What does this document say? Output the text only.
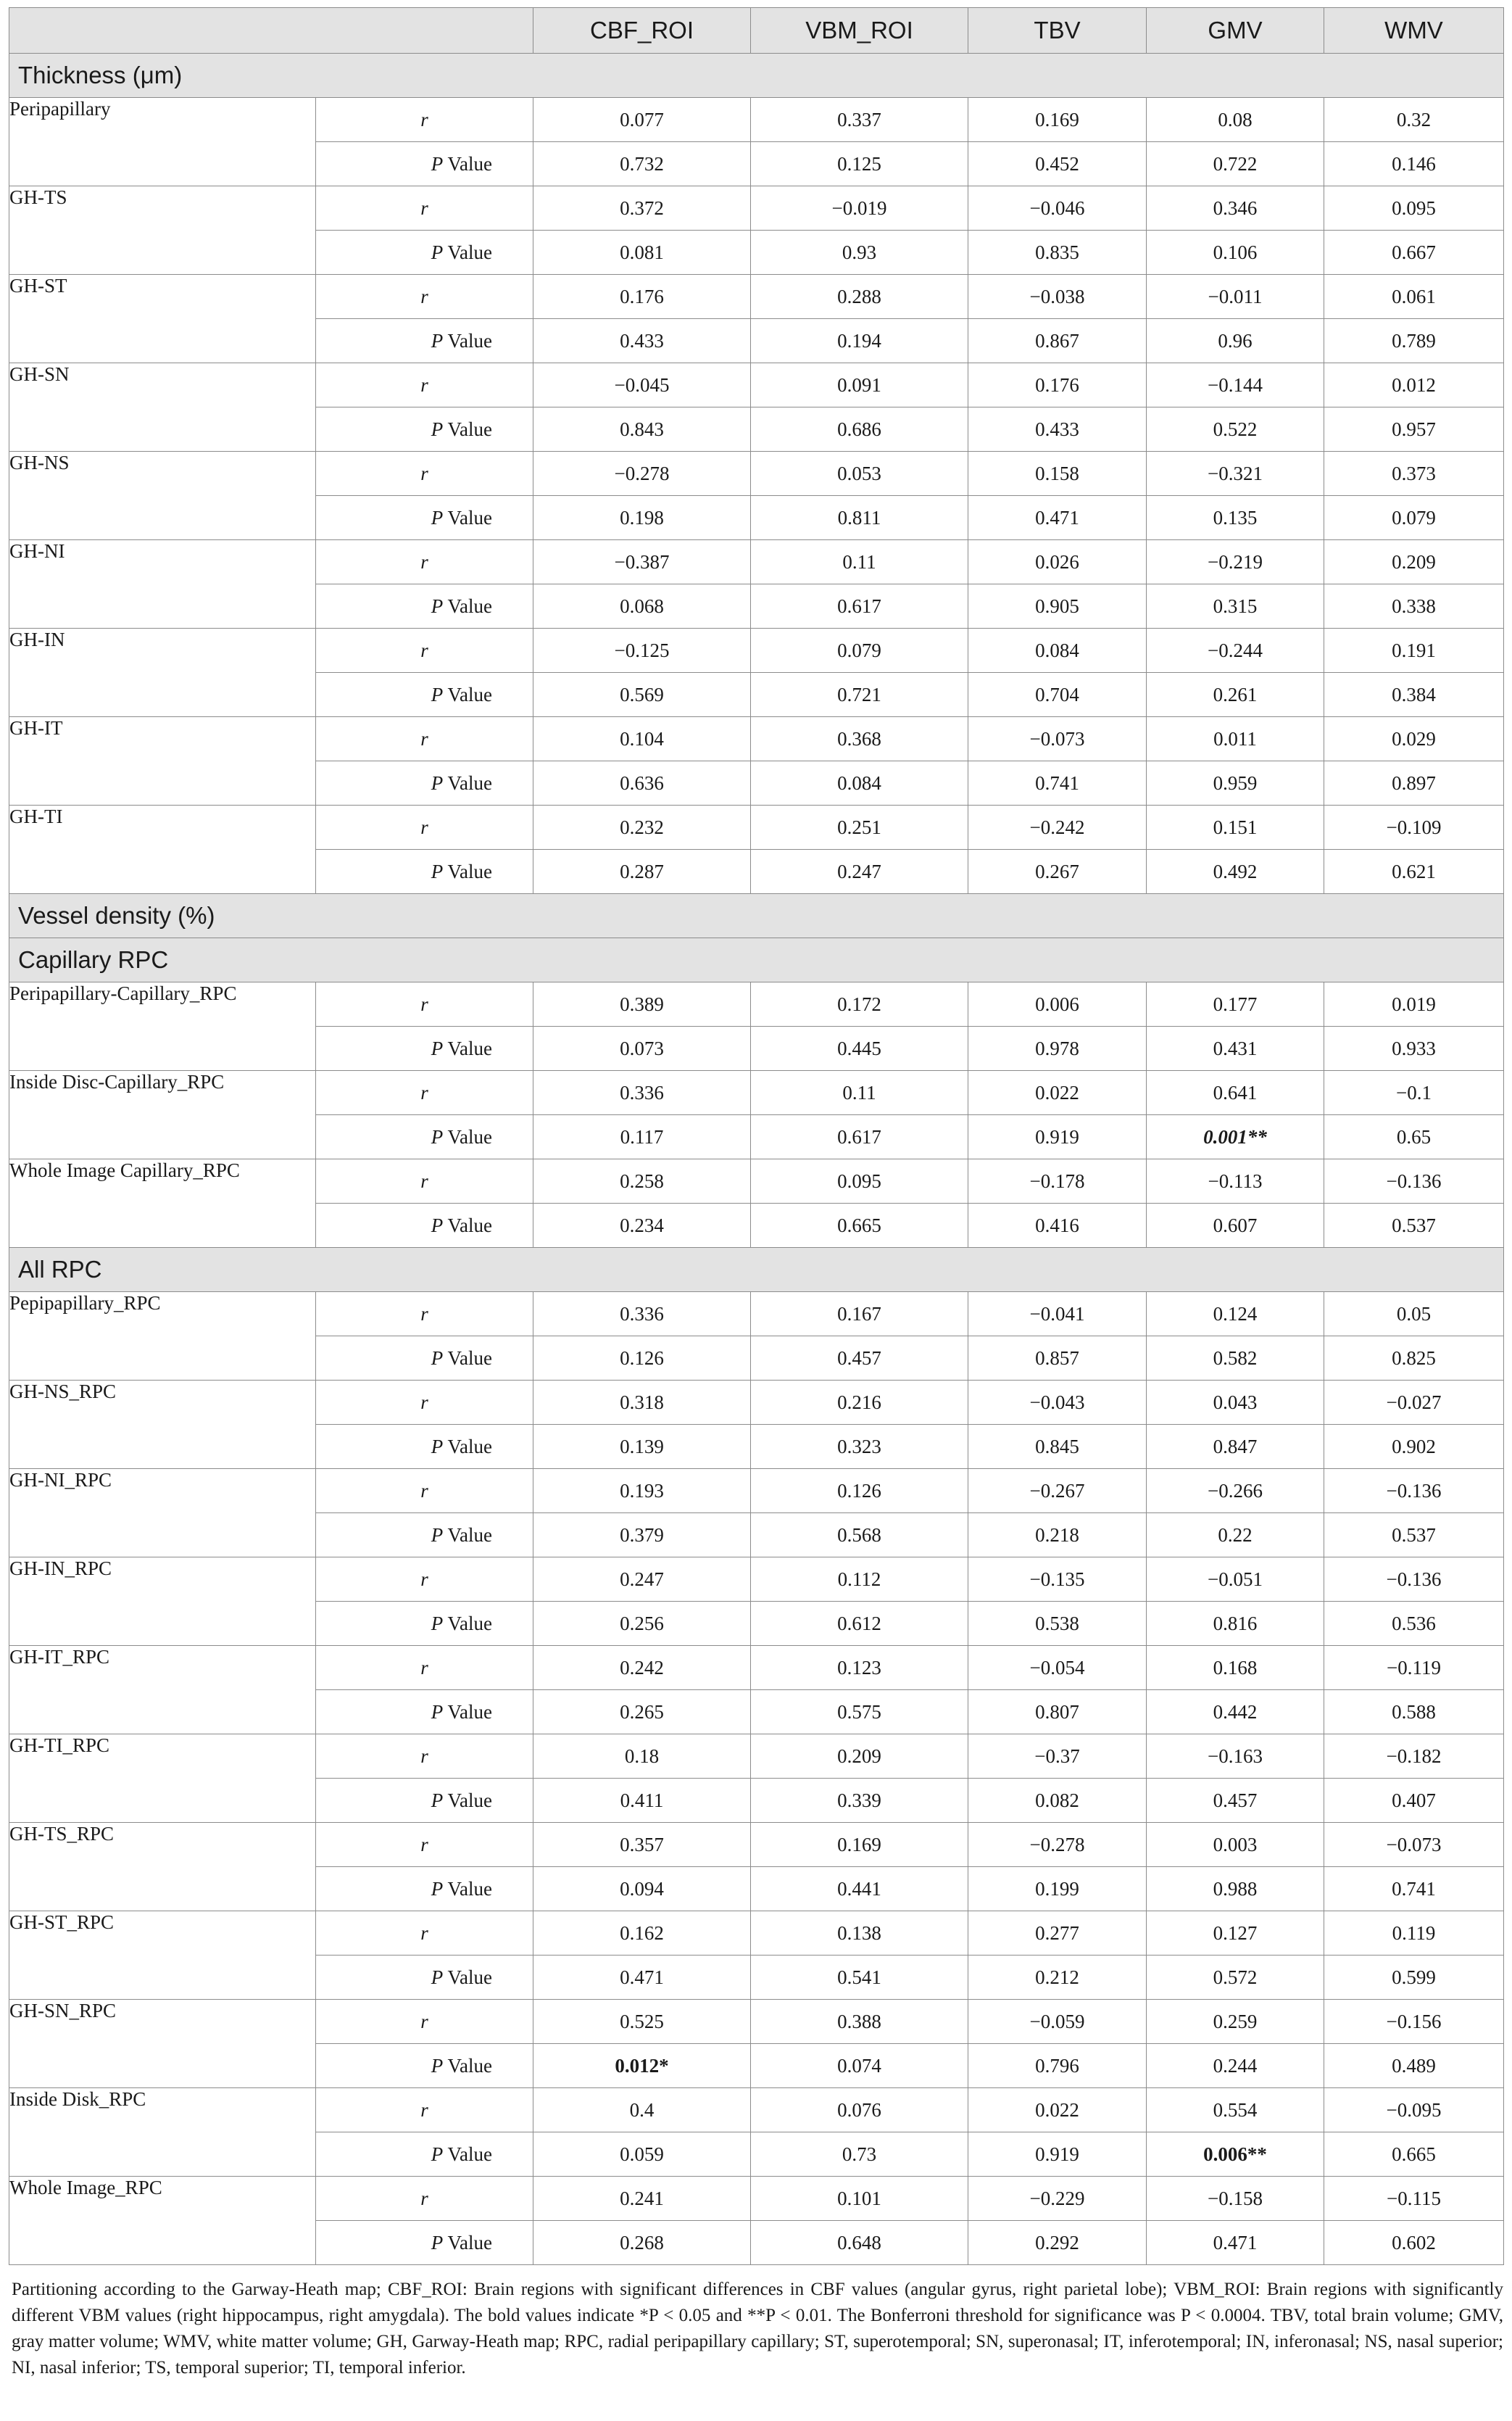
		CBF_ROI	VBM_ROI	TBV	GMV	WMV
Thickness (μm)						
Peripapillary	r	0.077	0.337	0.169	0.08	0.32
	P Value	0.732	0.125	0.452	0.722	0.146
GH-TS	r	0.372	−0.019	−0.046	0.346	0.095
	P Value	0.081	0.93	0.835	0.106	0.667
GH-ST	r	0.176	0.288	−0.038	−0.011	0.061
	P Value	0.433	0.194	0.867	0.96	0.789
GH-SN	r	−0.045	0.091	0.176	−0.144	0.012
	P Value	0.843	0.686	0.433	0.522	0.957
GH-NS	r	−0.278	0.053	0.158	−0.321	0.373
	P Value	0.198	0.811	0.471	0.135	0.079
GH-NI	r	−0.387	0.11	0.026	−0.219	0.209
	P Value	0.068	0.617	0.905	0.315	0.338
GH-IN	r	−0.125	0.079	0.084	−0.244	0.191
	P Value	0.569	0.721	0.704	0.261	0.384
GH-IT	r	0.104	0.368	−0.073	0.011	0.029
	P Value	0.636	0.084	0.741	0.959	0.897
GH-TI	r	0.232	0.251	−0.242	0.151	−0.109
	P Value	0.287	0.247	0.267	0.492	0.621
Vessel density (%)						
Capillary RPC						
Peripapillary-Capillary_RPC	r	0.389	0.172	0.006	0.177	0.019
	P Value	0.073	0.445	0.978	0.431	0.933
Inside Disc-Capillary_RPC	r	0.336	0.11	0.022	0.641	−0.1
	P Value	0.117	0.617	0.919	0.001**	0.65
Whole Image Capillary_RPC	r	0.258	0.095	−0.178	−0.113	−0.136
	P Value	0.234	0.665	0.416	0.607	0.537
All RPC						
Pepipapillary_RPC	r	0.336	0.167	−0.041	0.124	0.05
	P Value	0.126	0.457	0.857	0.582	0.825
GH-NS_RPC	r	0.318	0.216	−0.043	0.043	−0.027
	P Value	0.139	0.323	0.845	0.847	0.902
GH-NI_RPC	r	0.193	0.126	−0.267	−0.266	−0.136
	P Value	0.379	0.568	0.218	0.22	0.537
GH-IN_RPC	r	0.247	0.112	−0.135	−0.051	−0.136
	P Value	0.256	0.612	0.538	0.816	0.536
GH-IT_RPC	r	0.242	0.123	−0.054	0.168	−0.119
	P Value	0.265	0.575	0.807	0.442	0.588
GH-TI_RPC	r	0.18	0.209	−0.37	−0.163	−0.182
	P Value	0.411	0.339	0.082	0.457	0.407
GH-TS_RPC	r	0.357	0.169	−0.278	0.003	−0.073
	P Value	0.094	0.441	0.199	0.988	0.741
GH-ST_RPC	r	0.162	0.138	0.277	0.127	0.119
	P Value	0.471	0.541	0.212	0.572	0.599
GH-SN_RPC	r	0.525	0.388	−0.059	0.259	−0.156
	P Value	0.012*	0.074	0.796	0.244	0.489
Inside Disk_RPC	r	0.4	0.076	0.022	0.554	−0.095
	P Value	0.059	0.73	0.919	0.006**	0.665
Whole Image_RPC	r	0.241	0.101	−0.229	−0.158	−0.115
	P Value	0.268	0.648	0.292	0.471	0.602
Partitioning according to the Garway-Heath map; CBF_ROI: Brain regions with significant differences in CBF values (angular gyrus, right parietal lobe); VBM_ROI: Brain regions with significantly different VBM values (right hippocampus, right amygdala). The bold values indicate *P < 0.05 and **P < 0.01. The Bonferroni threshold for significance was P < 0.0004. TBV, total brain volume; GMV, gray matter volume; WMV, white matter volume; GH, Garway-Heath map; RPC, radial peripapillary capillary; ST, superotemporal; SN, superonasal; IT, inferotemporal; IN, inferonasal; NS, nasal superior; NI, nasal inferior; TS, temporal superior; TI, temporal inferior.
